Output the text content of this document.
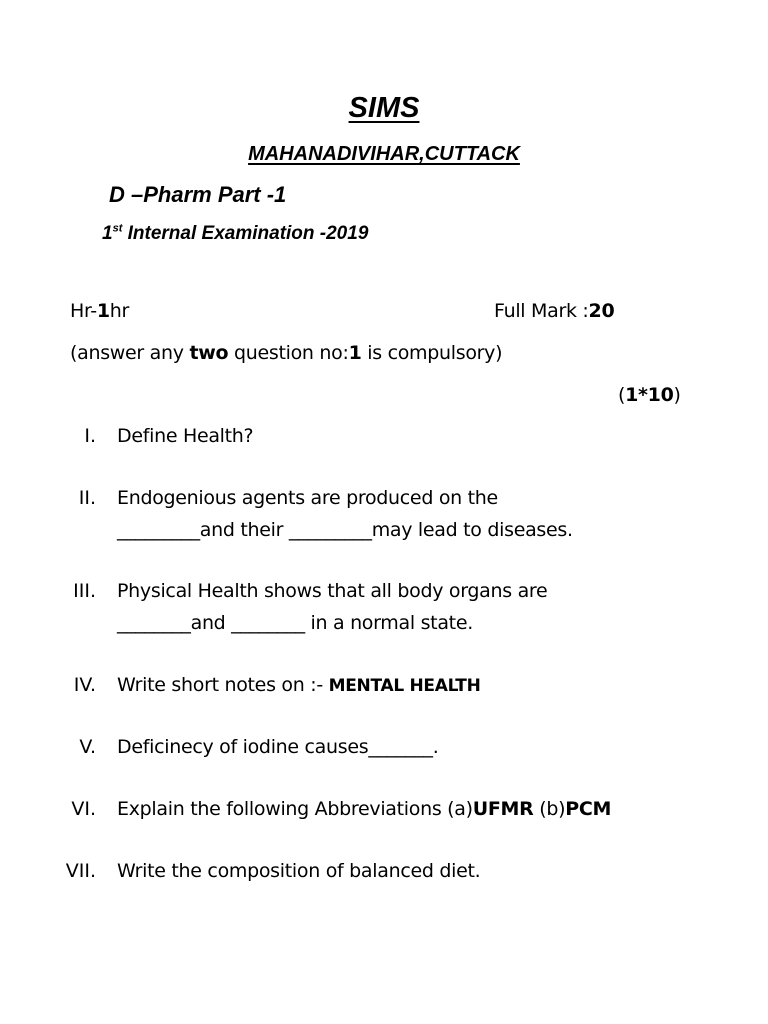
SIMS
MAHANADIVIHAR,CUTTACK
D –Pharm Part -1
1st Internal Examination -2019
Hr-1hr	Full Mark :20
(answer any two question no:1 is compulsory)
(1*10)
I. Define Health?
II. Endogenious agents are produced on the
_________and their _________may lead to diseases.
III. Physical Health shows that all body organs are
________and ________ in a normal state.
IV. Write short notes on :- MENTAL HEALTH
V. Deficinecy of iodine causes_______.
VI. Explain the following Abbreviations (a)UFMR (b)PCM
VII. Write the composition of balanced diet.
